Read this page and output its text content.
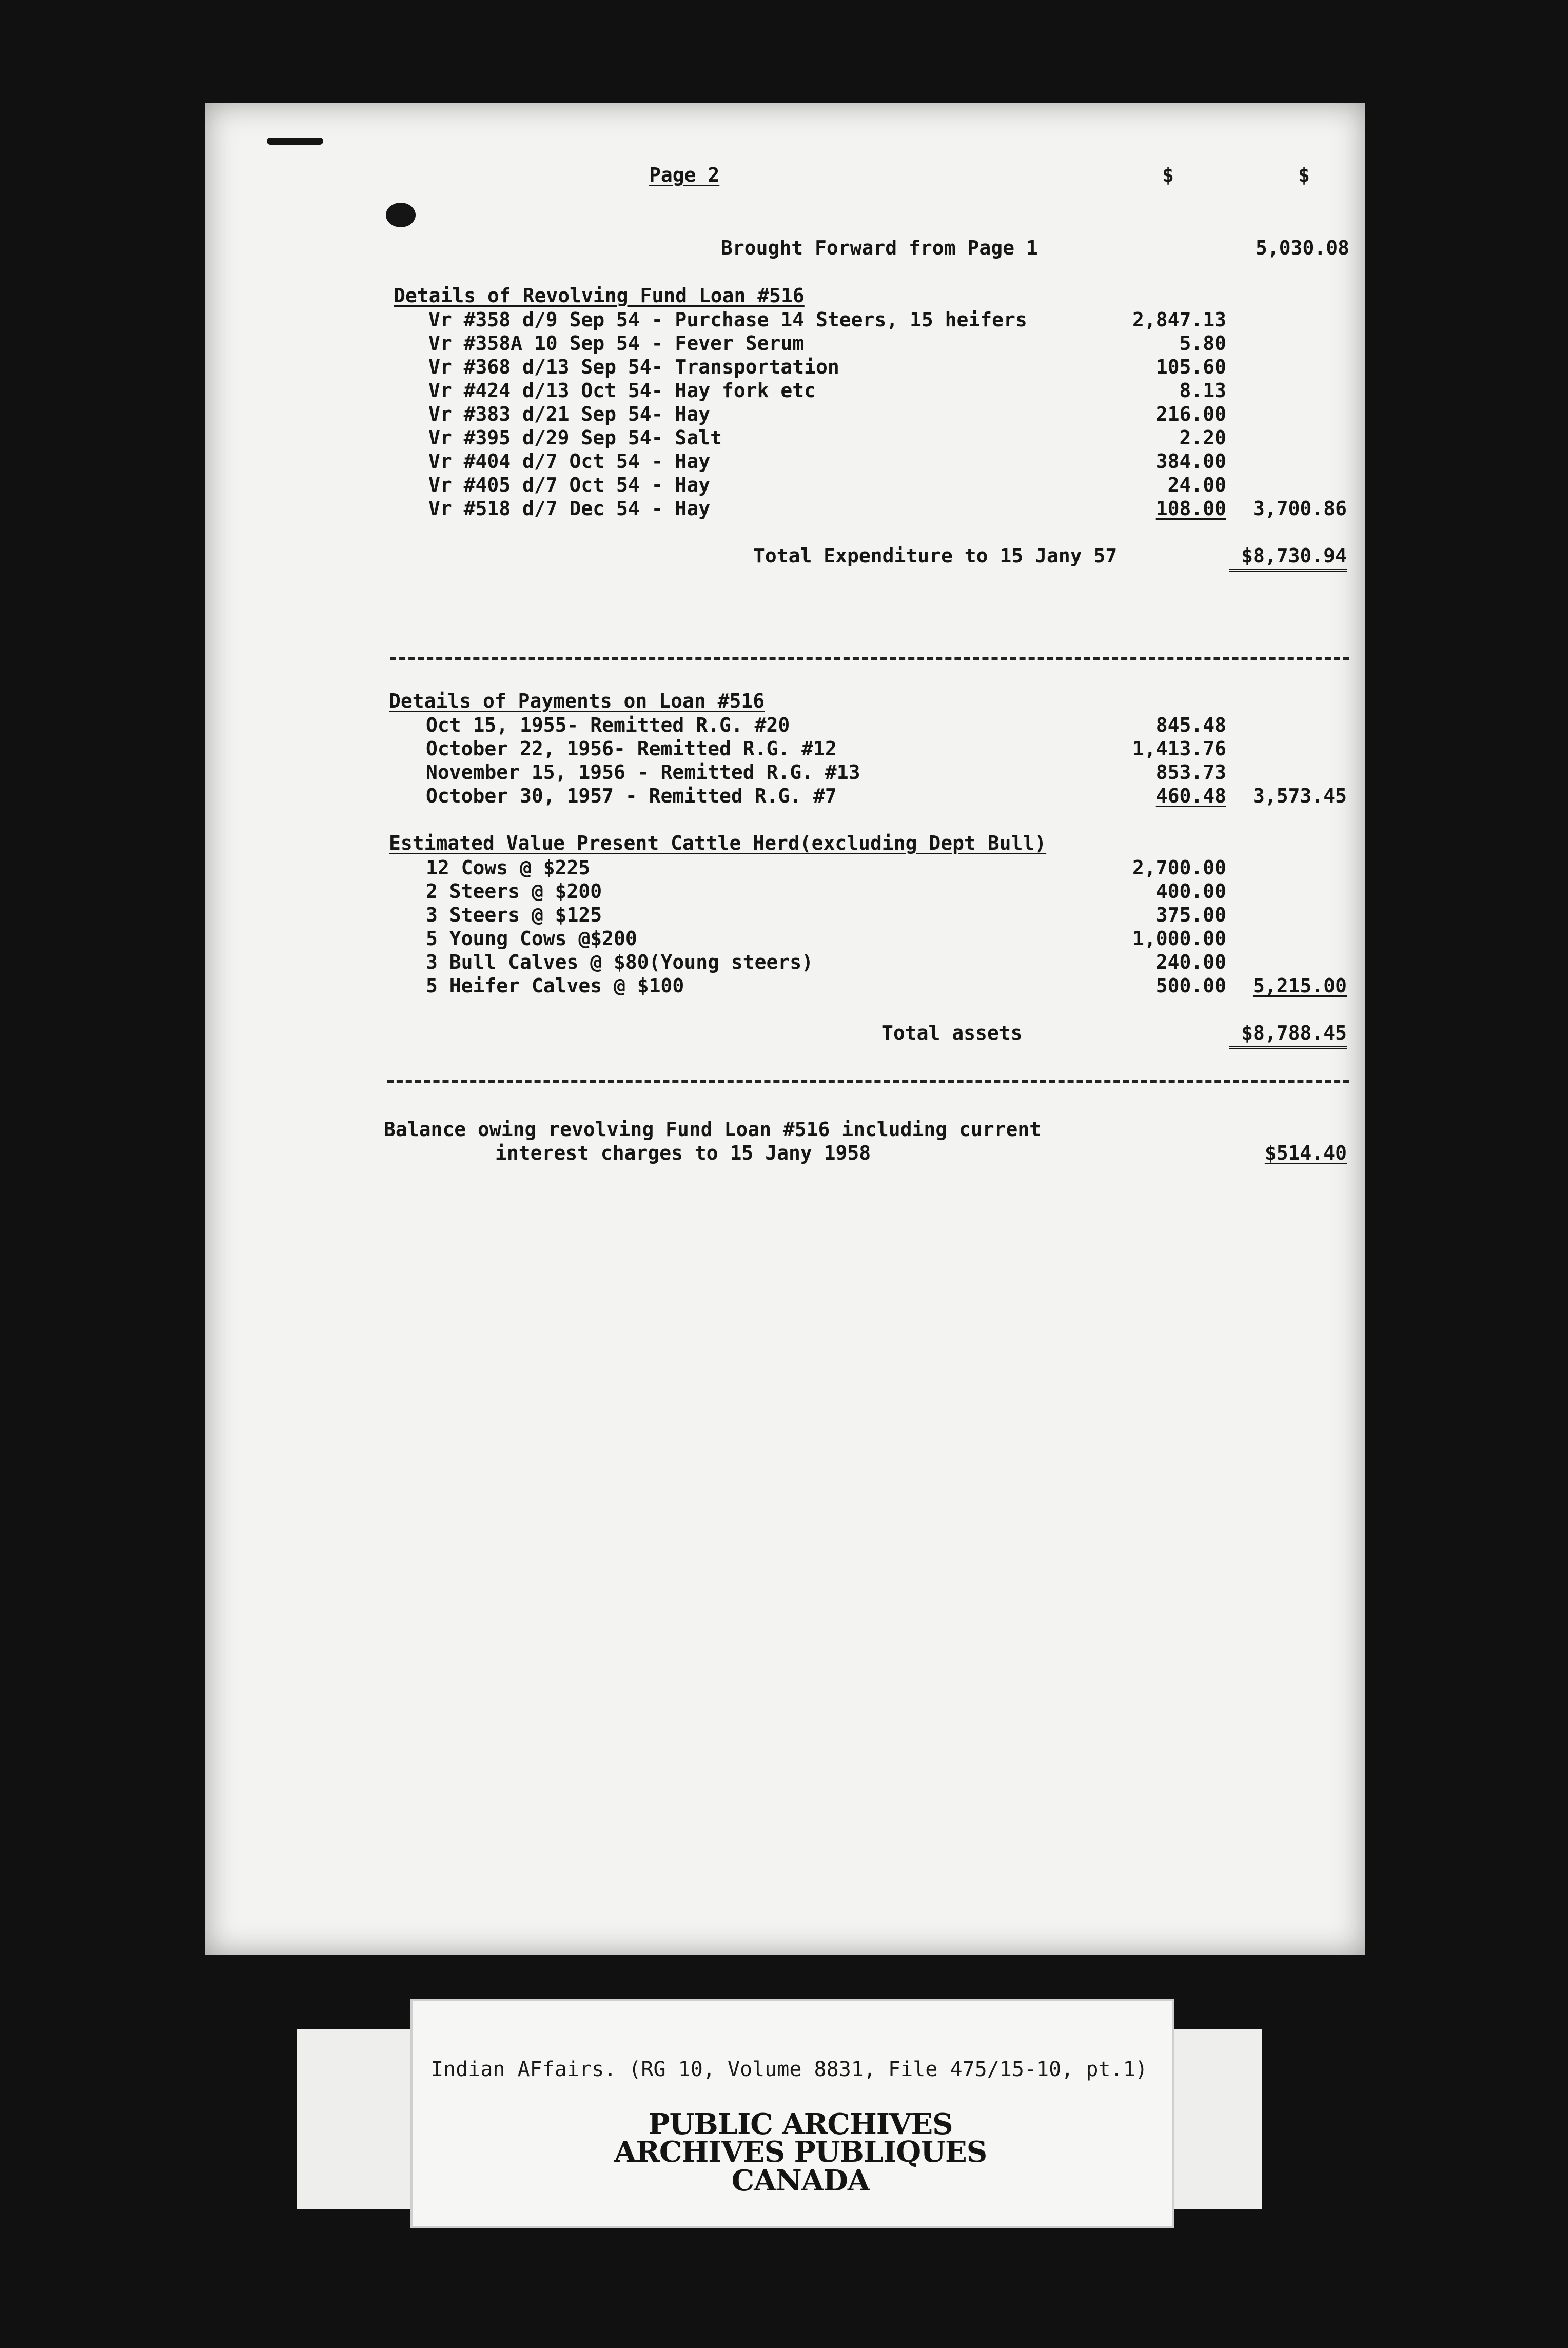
Page 2	$	$
Brought Forward from Page 1	5,030.08
Details of Revolving Fund Loan #516
Vr #358 d/9 Sep 54 - Purchase 14 Steers, 15 heifers	2,847.13
Vr #358A 10 Sep 54 - Fever Serum	5.80
Vr #368 d/13 Sep 54- Transportation	105.60
Vr #424 d/13 Oct 54- Hay fork etc	8.13
Vr #383 d/21 Sep 54- Hay	216.00
Vr #395 d/29 Sep 54- Salt	2.20
Vr #404 d/7 Oct 54 - Hay	384.00
Vr #405 d/7 Oct 54 - Hay	24.00
Vr #518 d/7 Dec 54 - Hay	108.00	3,700.86
Total Expenditure to 15 Jany 57	$8,730.94
Details of Payments on Loan #516
Oct 15, 1955- Remitted R.G. #20	845.48
October 22, 1956- Remitted R.G. #12	1,413.76
November 15, 1956 - Remitted R.G. #13	853.73
October 30, 1957 - Remitted R.G. #7	460.48	3,573.45
Estimated Value Present Cattle Herd(excluding Dept Bull)
12 Cows @ $225	2,700.00
2 Steers @ $200	400.00
3 Steers @ $125	375.00
5 Young Cows @$200	1,000.00
3 Bull Calves @ $80(Young steers)	240.00
5 Heifer Calves @ $100	500.00	5,215.00
Total assets	$8,788.45
Balance owing revolving Fund Loan #516 including current
interest charges to 15 Jany 1958	$514.40
Indian AFfairs. (RG 10, Volume 8831, File 475/15-10, pt.1)
PUBLIC ARCHIVES
ARCHIVES PUBLIQUES
CANADA
